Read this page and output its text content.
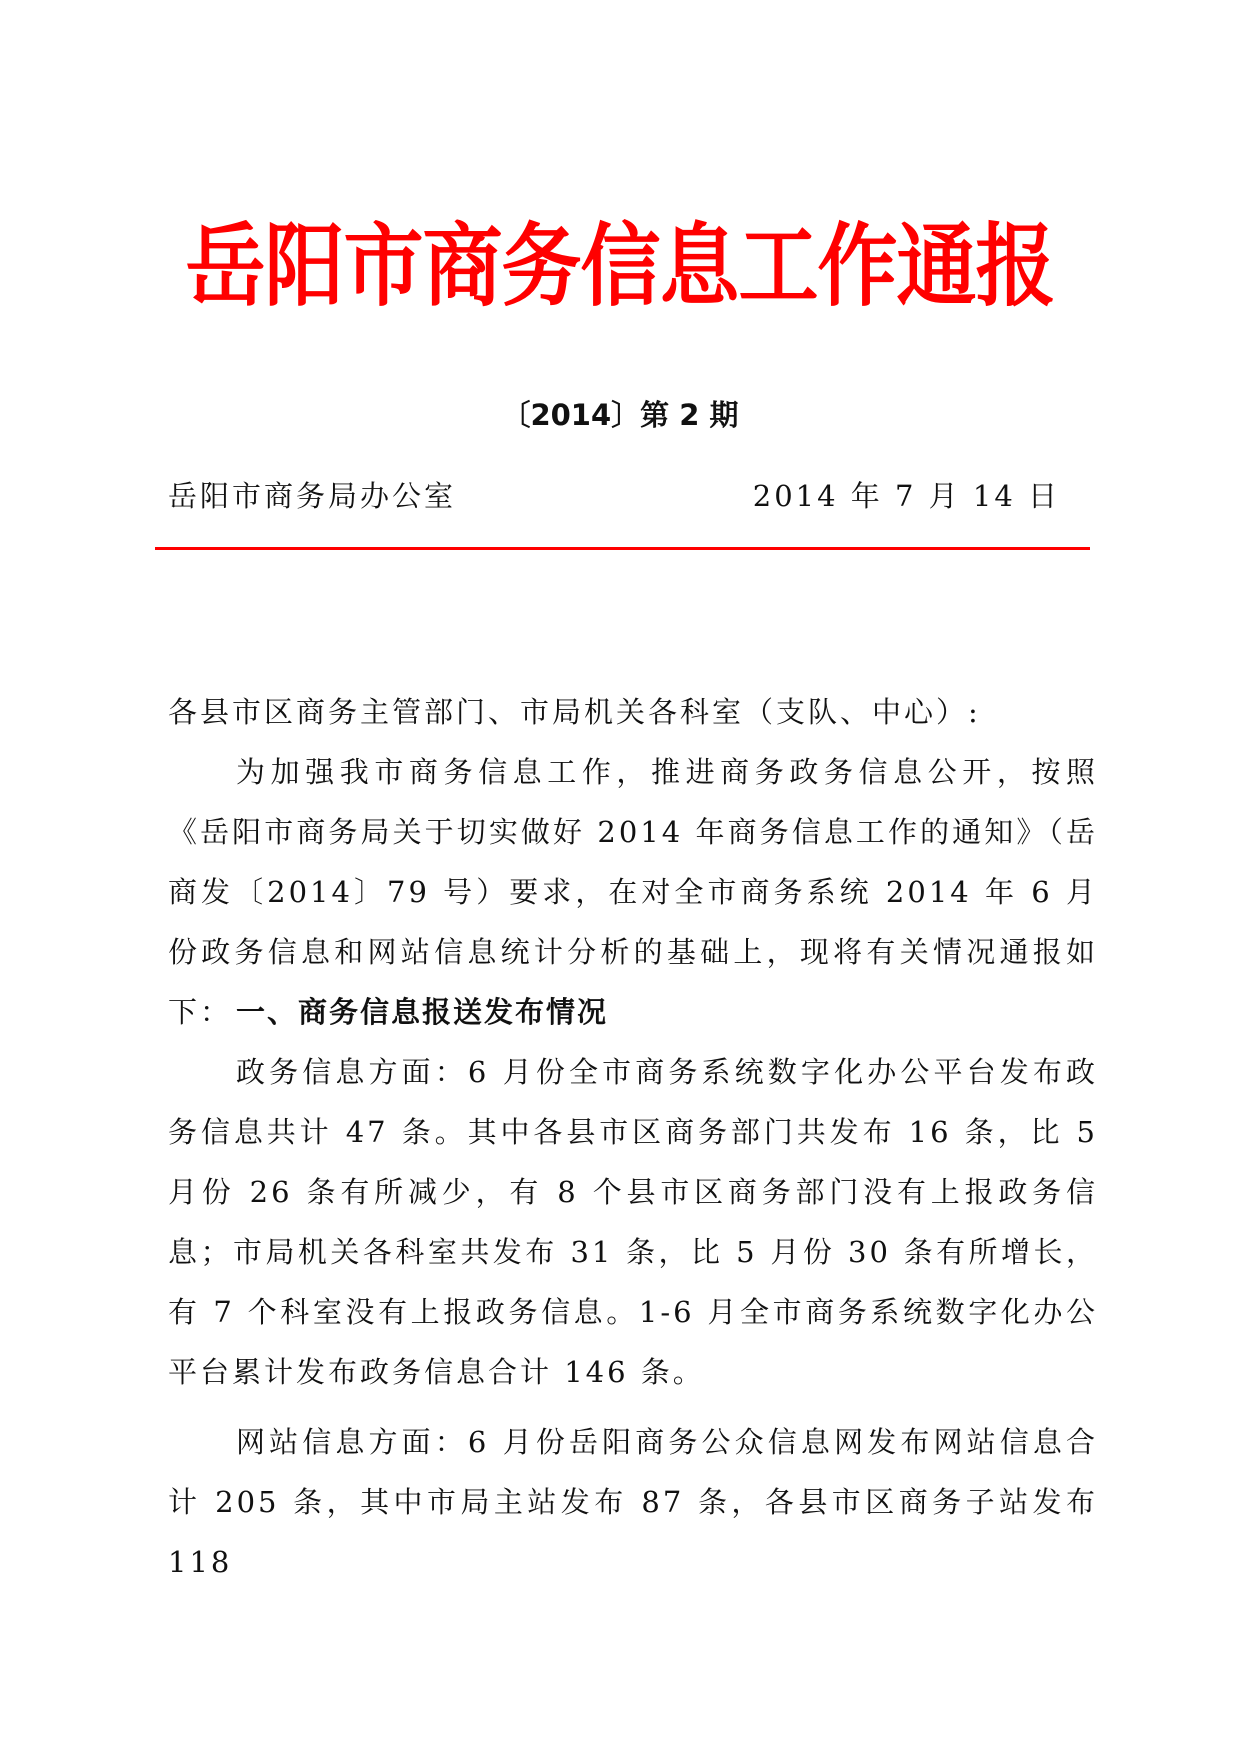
岳阳市商务信息工作通报
〔2014〕第 2 期
岳阳市商务局办公室	2014 年 7 月 14 日
各县市区商务主管部门、市局机关各科室（支队、中心）:

为加强我市商务信息工作，推进商务政务信息公开，按照《岳阳市商务局关于切实做好 2014 年商务信息工作的通知》（岳商发〔2014〕79 号）要求，在对全市商务系统 2014 年 6 月份政务信息和网站信息统计分析的基础上，现将有关情况通报如下： 一、商务信息报送发布情况

政务信息方面：6 月份全市商务系统数字化办公平台发布政务信息共计 47 条。其中各县市区商务部门共发布 16 条，比 5 月份 26 条有所减少，有 8 个县市区商务部门没有上报政务信息；市局机关各科室共发布 31 条，比 5 月份 30 条有所增长，有 7 个科室没有上报政务信息。1-6 月全市商务系统数字化办公平台累计发布政务信息合计 146 条。

网站信息方面：6 月份岳阳商务公众信息网发布网站信息合计 205 条，其中市局主站发布 87 条，各县市区商务子站发布 118
